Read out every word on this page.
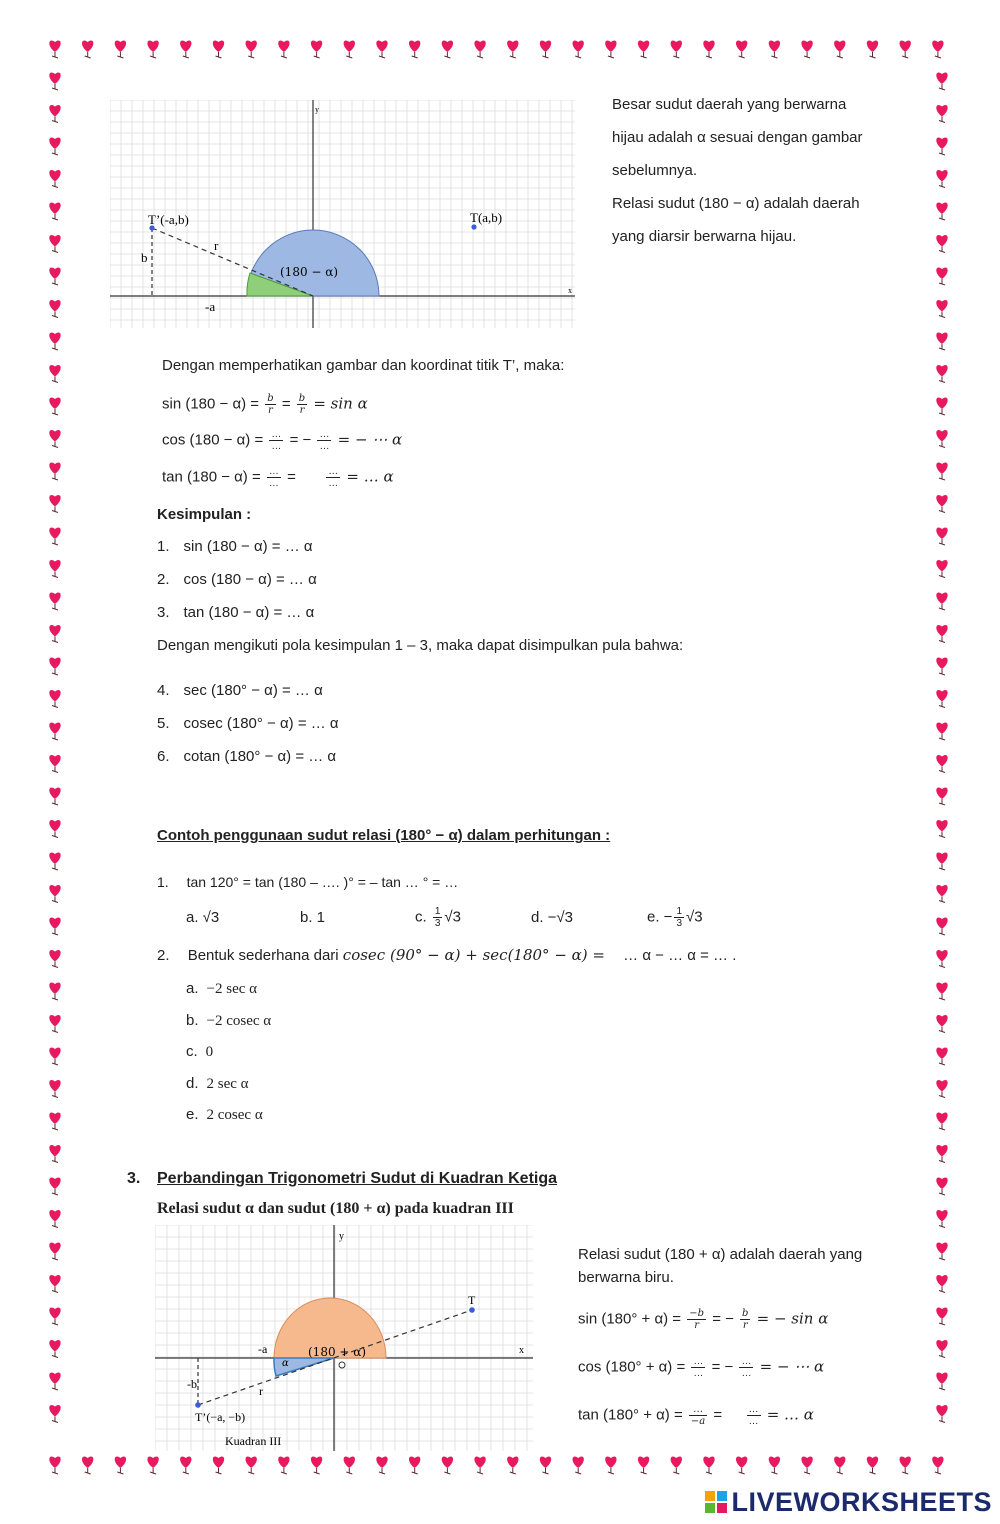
T’(-a,b)	T(a,b)
r
b
-a
(180 − α)
y
x
Besar sudut daerah yang berwarna
hijau adalah α sesuai dengan gambar
sebelumnya.
Relasi sudut (180 − α) adalah daerah
yang diarsir berwarna hijau.
Dengan memperhatikan gambar dan koordinat titik T’, maka:
$\sin (180 - \alpha) = \frac{b}{r} = \frac{b}{r} = \sin \alpha$
$\cos (180 - \alpha) = \frac{\dots}{\dots}$ = − $\frac{\dots}{\dots}$ = − ⋯ α
$\tan (180 - \alpha) = \frac{\dots}{\dots}$ =	$\frac{\dots}{\dots}$ = … α
Kesimpulan :
1. sin (180 − α) = … α
2. cos (180 − α) = … α
3. tan (180 − α) = … α
Dengan mengikuti pola kesimpulan 1 – 3, maka dapat disimpulkan pula bahwa:
4. sec (180° − α) = … α
5. cosec (180° − α) = … α
6. cotan (180° − α) = … α
Contoh penggunaan sudut relasi (180° − α) dalam perhitungan :
1. tan 120° = tan (180 – …. )° = – tan … ° = …
a. √3	b. 1	c. $\frac{1}{3} √3$	d. −√3	e. − $\frac{1}{3} √3$
2. Bentuk sederhana dari cosec (90° − α) + sec(180° − α) = … α − … α = … .
a. −2 sec α
b. −2 cosec α
c. 0
d. 2 sec α
e. 2 cosec α
3. Perbandingan Trigonometri Sudut di Kuadran Ketiga
Relasi sudut α dan sudut (180 + α) pada kuadran III
T
T’(−a, −b)
-a
-b	r
α
(180 + α)
y
x
Kuadran III
Relasi sudut (180 + α) adalah daerah yang
berwarna biru.
$\sin (180^\circ + \alpha) = \frac{-b}{r}$ = − $\frac{b}{r}$ = − sin α
$\cos (180^\circ + \alpha) = \frac{\dots}{\dots}$ = − $\frac{\dots}{\dots}$ = − ⋯ α
$\tan (180^\circ + \alpha) = \frac{\dots}{-a} = \frac{\dots}{\dots}$ = … α
LIVEWORKSHEETS
